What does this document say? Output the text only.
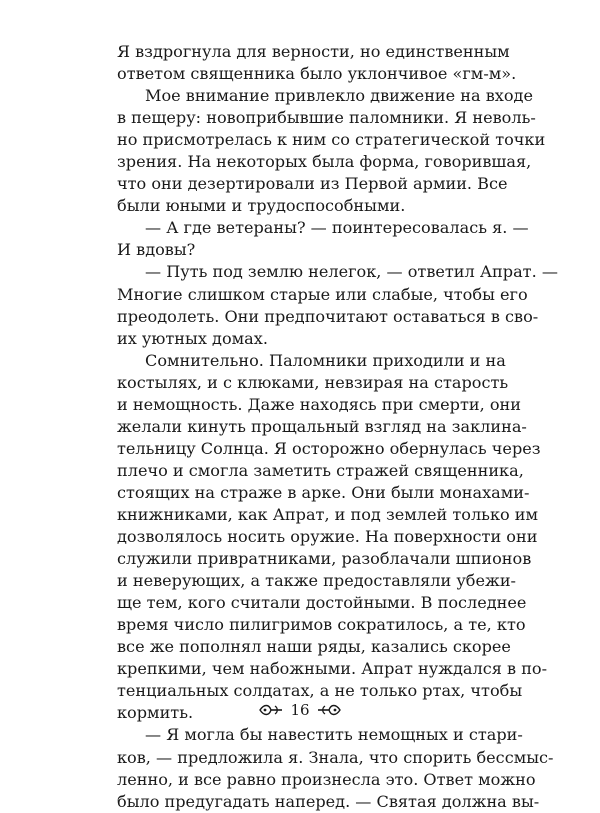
Я вздрогнула для верности, но единственным
ответом священника было уклончивое «гм-м».
Мое внимание привлекло движение на входе
в пещеру: новоприбывшие паломники. Я неволь-
но присмотрелась к ним со стратегической точки
зрения. На некоторых была форма, говорившая,
что они дезертировали из Первой армии. Все
были юными и трудоспособными.
— А где ветераны? — поинтересовалась я. —
И вдовы?
— Путь под землю нелегок, — ответил Апрат. —
Многие слишком старые или слабые, чтобы его
преодолеть. Они предпочитают оставаться в сво-
их уютных домах.
Сомнительно. Паломники приходили и на
костылях, и с клюками, невзирая на старость
и немощность. Даже находясь при смерти, они
желали кинуть прощальный взгляд на заклина-
тельницу Солнца. Я осторожно обернулась через
плечо и смогла заметить стражей священника,
стоящих на страже в арке. Они были монахами-
книжниками, как Апрат, и под землей только им
дозволялось носить оружие. На поверхности они
служили привратниками, разоблачали шпионов
и неверующих, а также предоставляли убежи-
ще тем, кого считали достойными. В последнее
время число пилигримов сократилось, а те, кто
все же пополнял наши ряды, казались скорее
крепкими, чем набожными. Апрат нуждался в по-
тенциальных солдатах, а не только ртах, чтобы
кормить.
— Я могла бы навестить немощных и стари-
ков, — предложила я. Знала, что спорить бессмыс-
ленно, и все равно произнесла это. Ответ можно
было предугадать наперед. — Святая должна вы-
16
